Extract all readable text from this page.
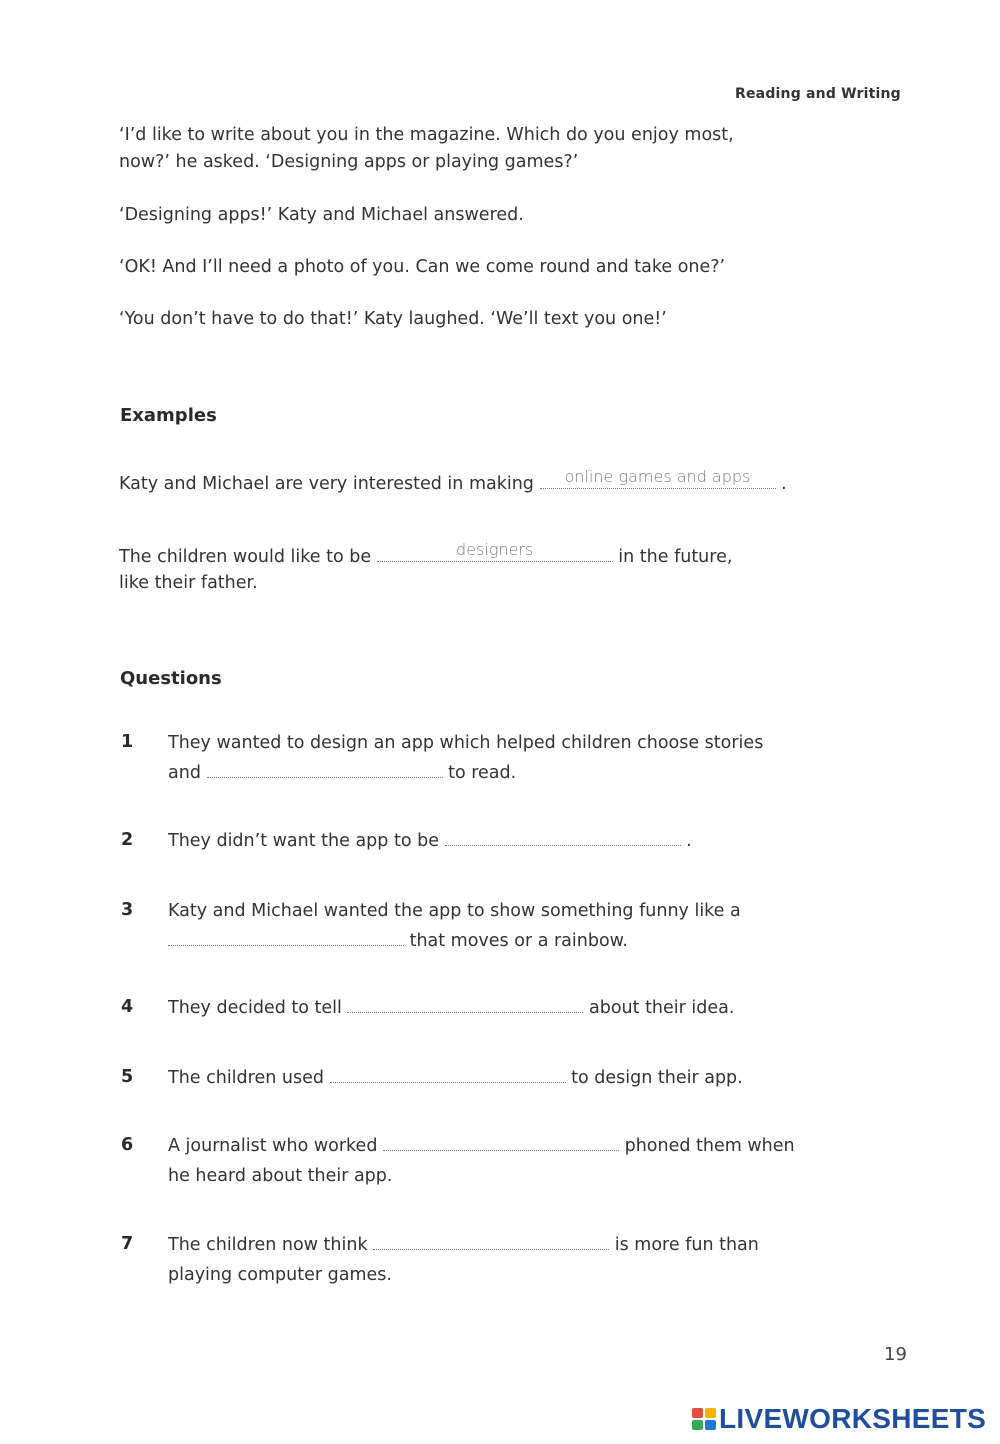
Reading and Writing
‘I’d like to write about you in the magazine. Which do you enjoy most,
now?’ he asked. ‘Designing apps or playing games?’
‘Designing apps!’ Katy and Michael answered.
‘OK! And I’ll need a photo of you. Can we come round and take one?’
‘You don’t have to do that!’ Katy laughed. ‘We’ll text you one!’
Examples
Katy and Michael are very interested in making	online games and apps	.
The children would like to be	designers	in the future,
like their father.
Questions
1 They wanted to design an app which helped children choose stories
and	to read.
2 They didn’t want the app to be	.
3 Katy and Michael wanted the app to show something funny like a
that moves or a rainbow.
4 They decided to tell	about their idea.
5 The children used	to design their app.
6 A journalist who worked	phoned them when
he heard about their app.
7 The children now think	is more fun than
playing computer games.
19
LIVEWORKSHEETS
